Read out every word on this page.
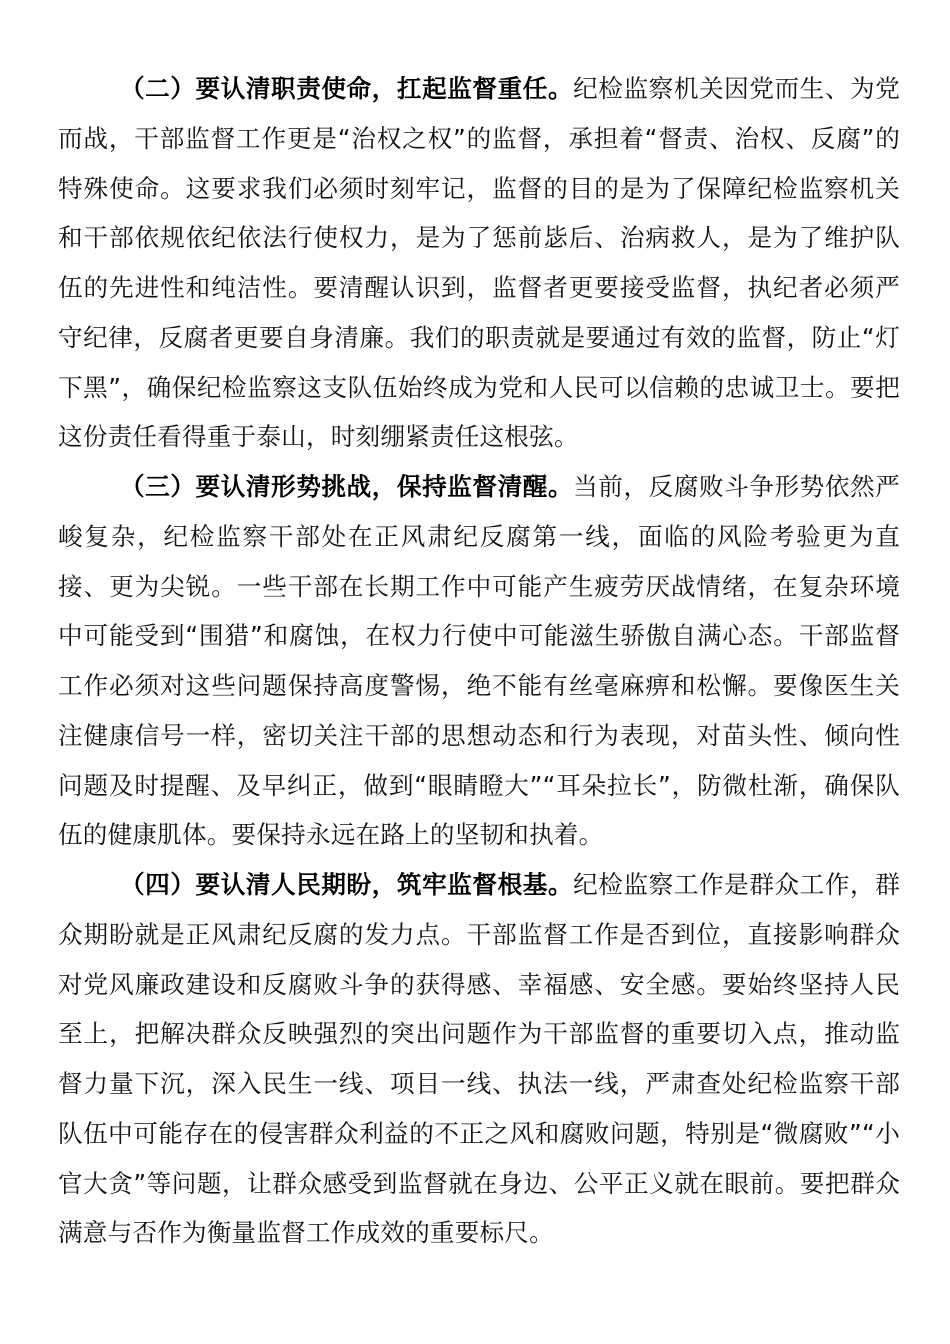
（二）要认清职责使命，扛起监督重任。纪检监察机关因党而生、为党而战，干部监督工作更是“治权之权”的监督，承担着“督责、治权、反腐”的特殊使命。这要求我们必须时刻牢记，监督的目的是为了保障纪检监察机关和干部依规依纪依法行使权力，是为了惩前毖后、治病救人，是为了维护队伍的先进性和纯洁性。要清醒认识到，监督者更要接受监督，执纪者必须严守纪律，反腐者更要自身清廉。我们的职责就是要通过有效的监督，防止“灯下黑”，确保纪检监察这支队伍始终成为党和人民可以信赖的忠诚卫士。要把这份责任看得重于泰山，时刻绷紧责任这根弦。

（三）要认清形势挑战，保持监督清醒。当前，反腐败斗争形势依然严峻复杂，纪检监察干部处在正风肃纪反腐第一线，面临的风险考验更为直接、更为尖锐。一些干部在长期工作中可能产生疲劳厌战情绪，在复杂环境中可能受到“围猎”和腐蚀，在权力行使中可能滋生骄傲自满心态。干部监督工作必须对这些问题保持高度警惕，绝不能有丝毫麻痹和松懈。要像医生关注健康信号一样，密切关注干部的思想动态和行为表现，对苗头性、倾向性问题及时提醒、及早纠正，做到“眼睛瞪大”“耳朵拉长”，防微杜渐，确保队伍的健康肌体。要保持永远在路上的坚韧和执着。

（四）要认清人民期盼，筑牢监督根基。纪检监察工作是群众工作，群众期盼就是正风肃纪反腐的发力点。干部监督工作是否到位，直接影响群众对党风廉政建设和反腐败斗争的获得感、幸福感、安全感。要始终坚持人民至上，把解决群众反映强烈的突出问题作为干部监督的重要切入点，推动监督力量下沉，深入民生一线、项目一线、执法一线，严肃查处纪检监察干部队伍中可能存在的侵害群众利益的不正之风和腐败问题，特别是“微腐败”“小官大贪”等问题，让群众感受到监督就在身边、公平正义就在眼前。要把群众满意与否作为衡量监督工作成效的重要标尺。
